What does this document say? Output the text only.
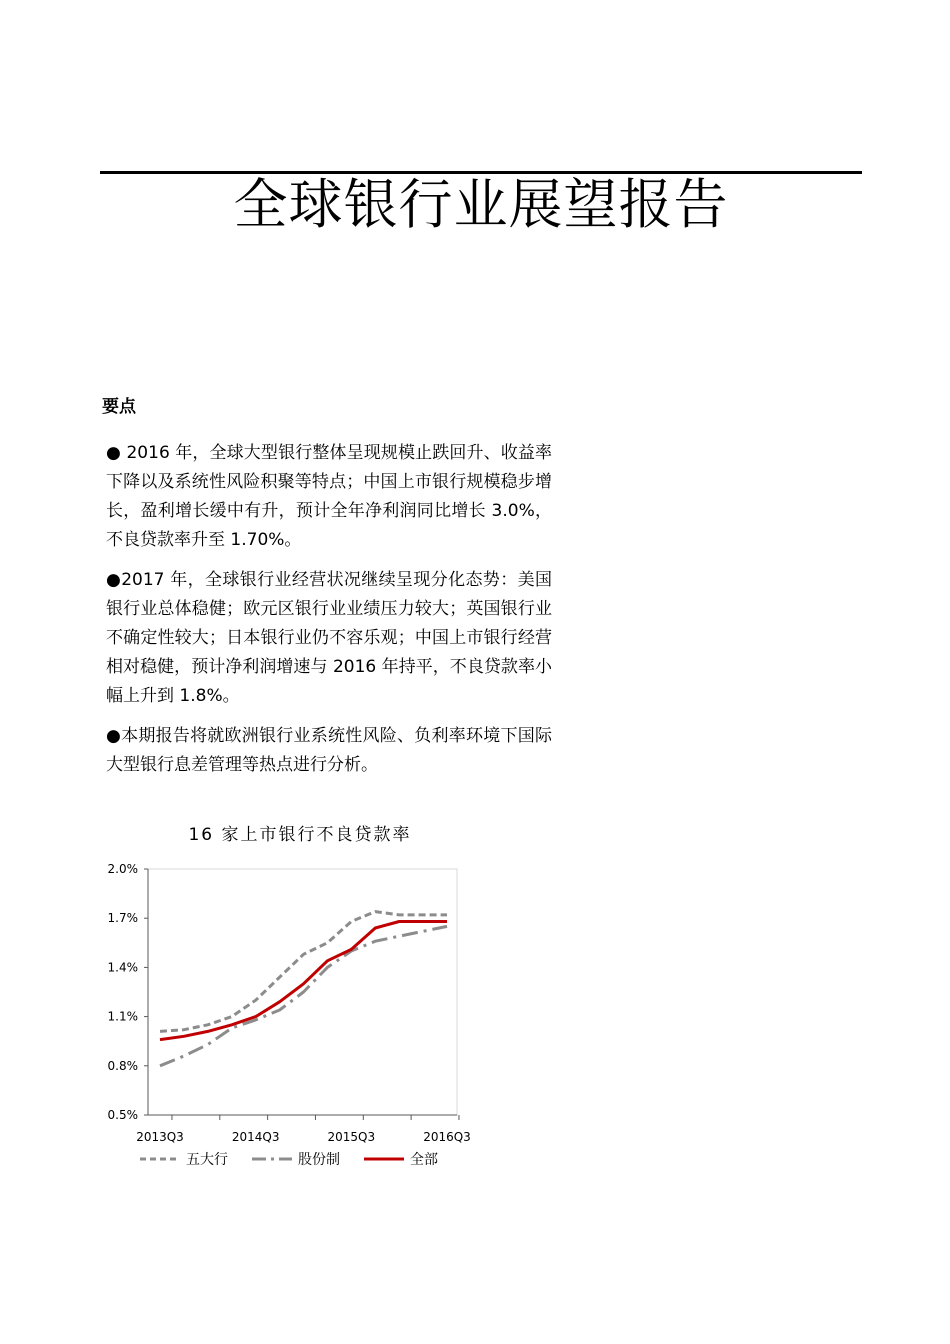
全球银行业展望报告
要点

● 2016 年，全球大型银行整体呈现规模止跌回升、收益率下降以及系统性风险积聚等特点；中国上市银行规模稳步增长，盈利增长缓中有升，预计全年净利润同比增长 3.0%，不良贷款率升至 1.70%。

●2017 年，全球银行业经营状况继续呈现分化态势：美国银行业总体稳健；欧元区银行业业绩压力较大；英国银行业不确定性较大；日本银行业仍不容乐观；中国上市银行经营相对稳健，预计净利润增速与 2016 年持平，不良贷款率小幅上升到 1.8%。

●本期报告将就欧洲银行业系统性风险、负利率环境下国际大型银行息差管理等热点进行分析。

16 家上市银行不良贷款率
2.0%
1.7%
1.4%
1.1%
0.8%
0.5%
2013Q3	2014Q3	2015Q3	2016Q3
五大行	股份制	全部
